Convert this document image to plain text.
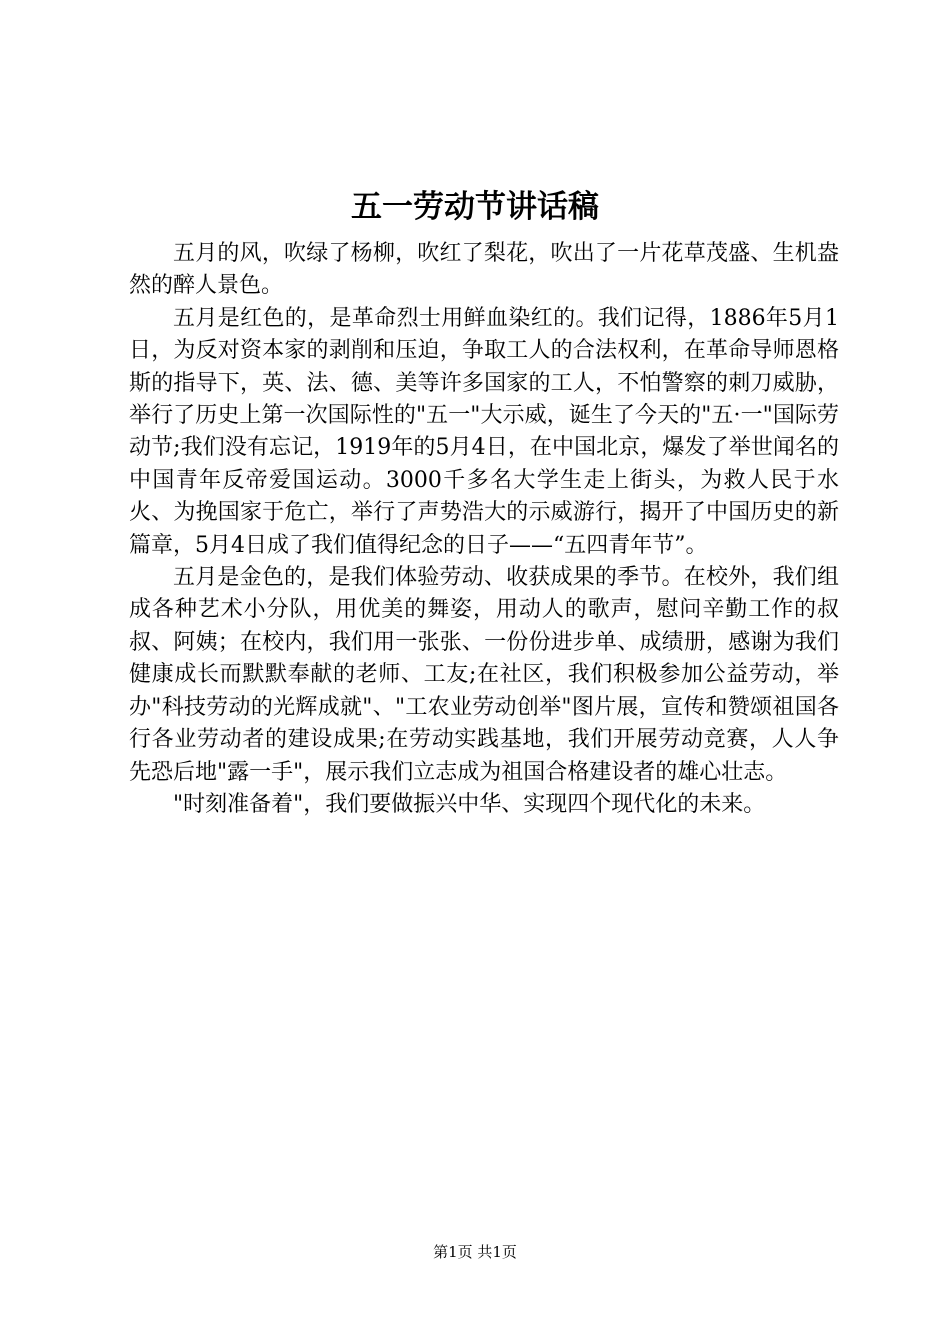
五一劳动节讲话稿

五月的风，吹绿了杨柳，吹红了梨花，吹出了一片花草茂盛、生机盎然的醉人景色。

五月是红色的，是革命烈士用鲜血染红的。我们记得，1886年5月1日，为反对资本家的剥削和压迫，争取工人的合法权利，在革命导师恩格斯的指导下，英、法、德、美等许多国家的工人，不怕警察的刺刀威胁，举行了历史上第一次国际性的"五一"大示威，诞生了今天的"五·一"国际劳动节;我们没有忘记，1919年的5月4日，在中国北京，爆发了举世闻名的中国青年反帝爱国运动。3000千多名大学生走上街头，为救人民于水火、为挽国家于危亡，举行了声势浩大的示威游行，揭开了中国历史的新篇章，5月4日成了我们值得纪念的日子——“五四青年节”。

五月是金色的，是我们体验劳动、收获成果的季节。在校外，我们组成各种艺术小分队，用优美的舞姿，用动人的歌声，慰问辛勤工作的叔叔、阿姨；在校内，我们用一张张、一份份进步单、成绩册，感谢为我们健康成长而默默奉献的老师、工友;在社区，我们积极参加公益劳动，举办"科技劳动的光辉成就"、"工农业劳动创举"图片展，宣传和赞颂祖国各行各业劳动者的建设成果;在劳动实践基地，我们开展劳动竞赛，人人争先恐后地"露一手"，展示我们立志成为祖国合格建设者的雄心壮志。

"时刻准备着"，我们要做振兴中华、实现四个现代化的未来。

第1页 共1页
